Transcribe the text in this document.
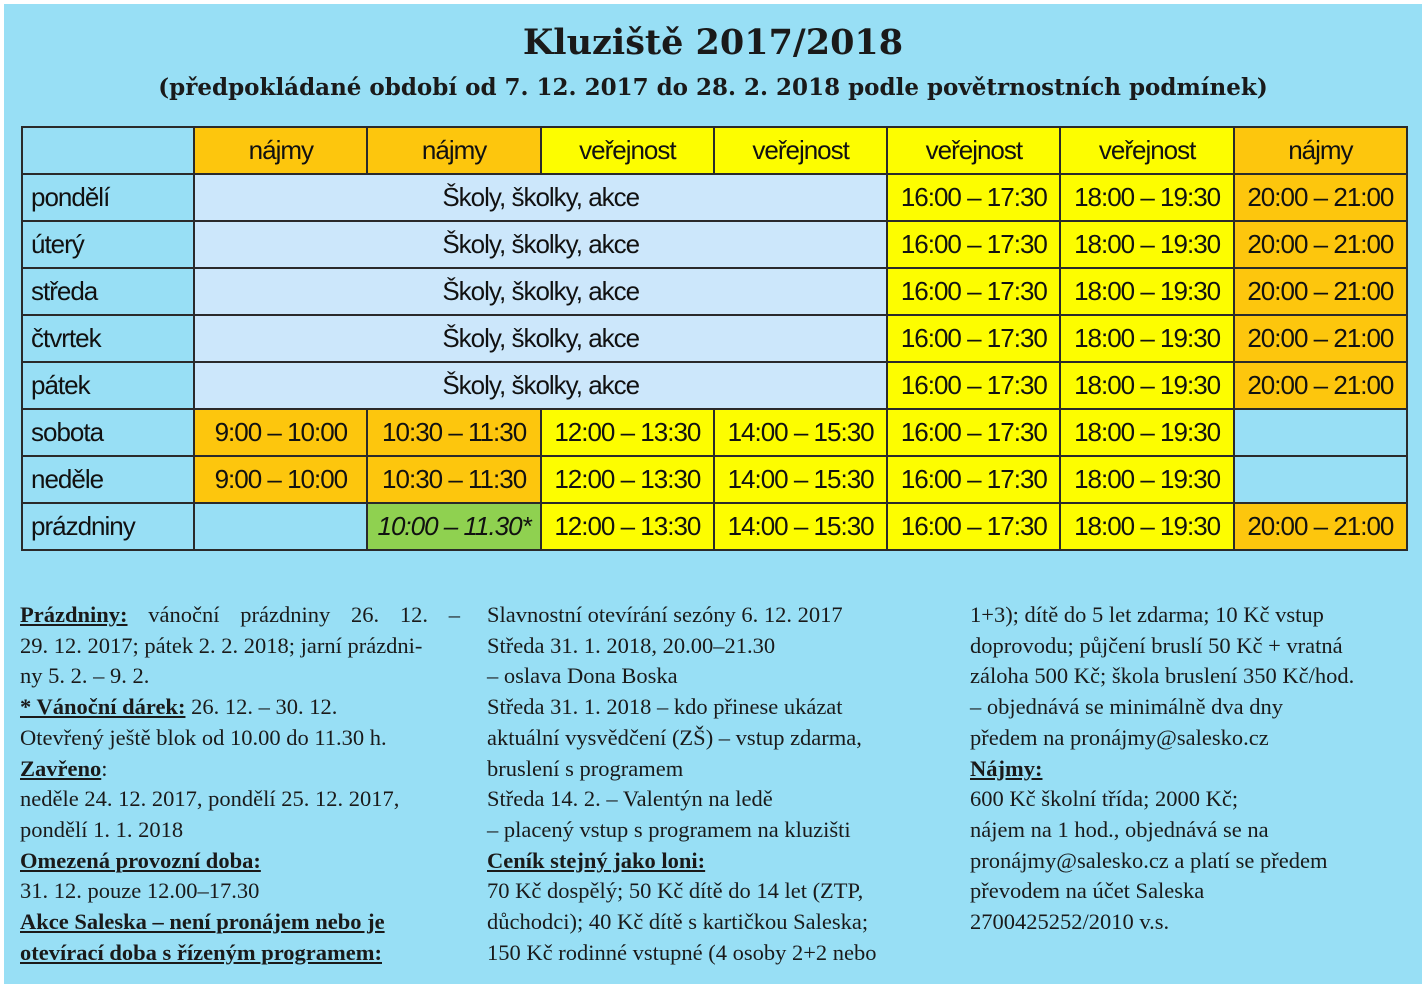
Kluziště 2017/2018
(předpokládané období od 7. 12. 2017 do 28. 2. 2018 podle povětrnostních podmínek)
	nájmy	nájmy	veřejnost	veřejnost	veřejnost	veřejnost	nájmy
pondělí	Školy, školky, akce				16:00 – 17:30	18:00 – 19:30	20:00 – 21:00
úterý	Školy, školky, akce				16:00 – 17:30	18:00 – 19:30	20:00 – 21:00
středa	Školy, školky, akce				16:00 – 17:30	18:00 – 19:30	20:00 – 21:00
čtvrtek	Školy, školky, akce				16:00 – 17:30	18:00 – 19:30	20:00 – 21:00
pátek	Školy, školky, akce				16:00 – 17:30	18:00 – 19:30	20:00 – 21:00
sobota	9:00 – 10:00	10:30 – 11:30	12:00 – 13:30	14:00 – 15:30	16:00 – 17:30	18:00 – 19:30	
neděle	9:00 – 10:00	10:30 – 11:30	12:00 – 13:30	14:00 – 15:30	16:00 – 17:30	18:00 – 19:30	
prázdniny		10:00 – 11.30*	12:00 – 13:30	14:00 – 15:30	16:00 – 17:30	18:00 – 19:30	20:00 – 21:00
Prázdniny: vánoční prázdniny 26. 12. –
29. 12. 2017; pátek 2. 2. 2018; jarní prázdni-
ny 5. 2. – 9. 2.
* Vánoční dárek: 26. 12. – 30. 12.
Otevřený ještě blok od 10.00 do 11.30 h.
Zavřeno:
neděle 24. 12. 2017, pondělí 25. 12. 2017,
pondělí 1. 1. 2018
Omezená provozní doba:
31. 12. pouze 12.00–17.30
Akce Saleska – není pronájem nebo je
otevírací doba s řízeným programem:
Slavnostní otevírání sezóny 6. 12. 2017
Středa 31. 1. 2018, 20.00–21.30
– oslava Dona Boska
Středa 31. 1. 2018 – kdo přinese ukázat
aktuální vysvědčení (ZŠ) – vstup zdarma,
bruslení s programem
Středa 14. 2. – Valentýn na ledě
– placený vstup s programem na kluzišti
Ceník stejný jako loni:
70 Kč dospělý; 50 Kč dítě do 14 let (ZTP,
důchodci); 40 Kč dítě s kartičkou Saleska;
150 Kč rodinné vstupné (4 osoby 2+2 nebo
1+3); dítě do 5 let zdarma; 10 Kč vstup
doprovodu; půjčení bruslí 50 Kč + vratná
záloha 500 Kč; škola bruslení 350 Kč/hod.
– objednává se minimálně dva dny
předem na pronájmy@salesko.cz
Nájmy:
600 Kč školní třída; 2000 Kč;
nájem na 1 hod., objednává se na
pronájmy@salesko.cz a platí se předem
převodem na účet Saleska
2700425252/2010 v.s.
